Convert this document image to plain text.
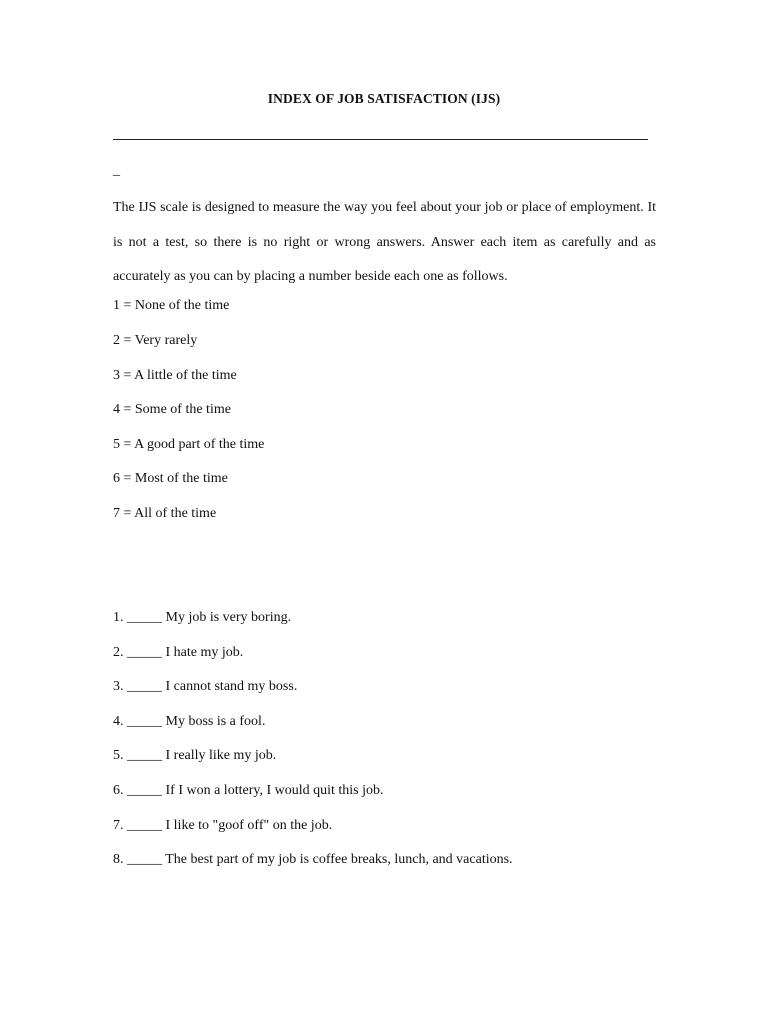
INDEX OF JOB SATISFACTION (IJS)
_
The IJS scale is designed to measure the way you feel about your job or place of employment. It is not a test, so there is no right or wrong answers. Answer each item as carefully and as accurately as you can by placing a number beside each one as follows.
1 = None of the time
2 = Very rarely
3 = A little of the time
4 = Some of the time
5 = A good part of the time
6 = Most of the time
7 = All of the time
1. _____ My job is very boring.
2. _____ I hate my job.
3. _____ I cannot stand my boss.
4. _____ My boss is a fool.
5. _____ I really like my job.
6. _____ If I won a lottery, I would quit this job.
7. _____ I like to "goof off" on the job.
8. _____ The best part of my job is coffee breaks, lunch, and vacations.
